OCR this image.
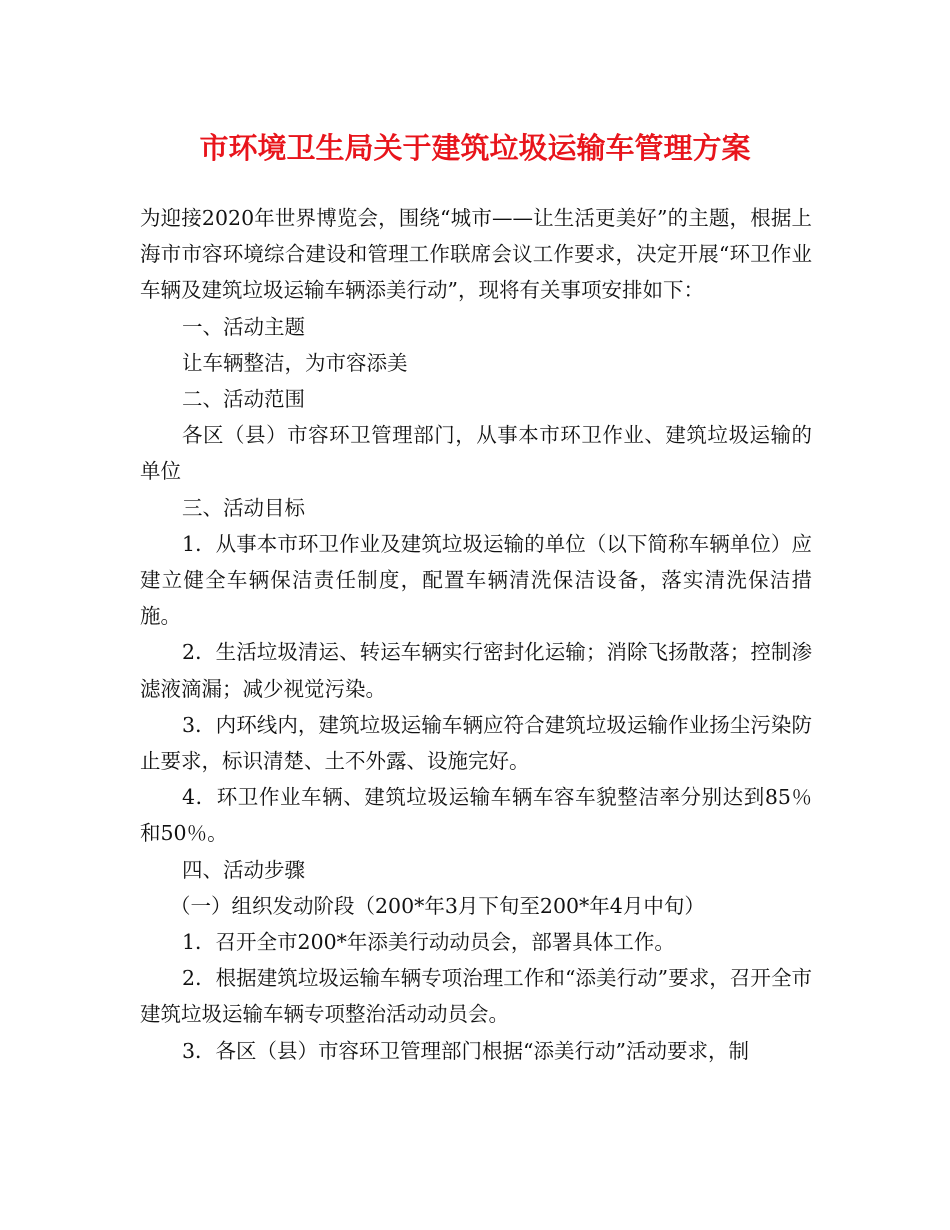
市环境卫生局关于建筑垃圾运输车管理方案

为迎接2020年世界博览会，围绕“城市——让生活更美好”的主题，根据上海市市容环境综合建设和管理工作联席会议工作要求，决定开展“环卫作业车辆及建筑垃圾运输车辆添美行动”，现将有关事项安排如下：

一、活动主题

让车辆整洁，为市容添美

二、活动范围

各区（县）市容环卫管理部门，从事本市环卫作业、建筑垃圾运输的单位

三、活动目标

1．从事本市环卫作业及建筑垃圾运输的单位（以下简称车辆单位）应建立健全车辆保洁责任制度，配置车辆清洗保洁设备，落实清洗保洁措施。

2．生活垃圾清运、转运车辆实行密封化运输；消除飞扬散落；控制渗滤液滴漏；减少视觉污染。

3．内环线内，建筑垃圾运输车辆应符合建筑垃圾运输作业扬尘污染防止要求，标识清楚、土不外露、设施完好。

4．环卫作业车辆、建筑垃圾运输车辆车容车貌整洁率分别达到85％和50％。

四、活动步骤

（一）组织发动阶段（200*年3月下旬至200*年4月中旬）

1．召开全市200*年添美行动动员会，部署具体工作。

2．根据建筑垃圾运输车辆专项治理工作和“添美行动”要求，召开全市建筑垃圾运输车辆专项整治活动动员会。

3．各区（县）市容环卫管理部门根据“添美行动”活动要求，制
